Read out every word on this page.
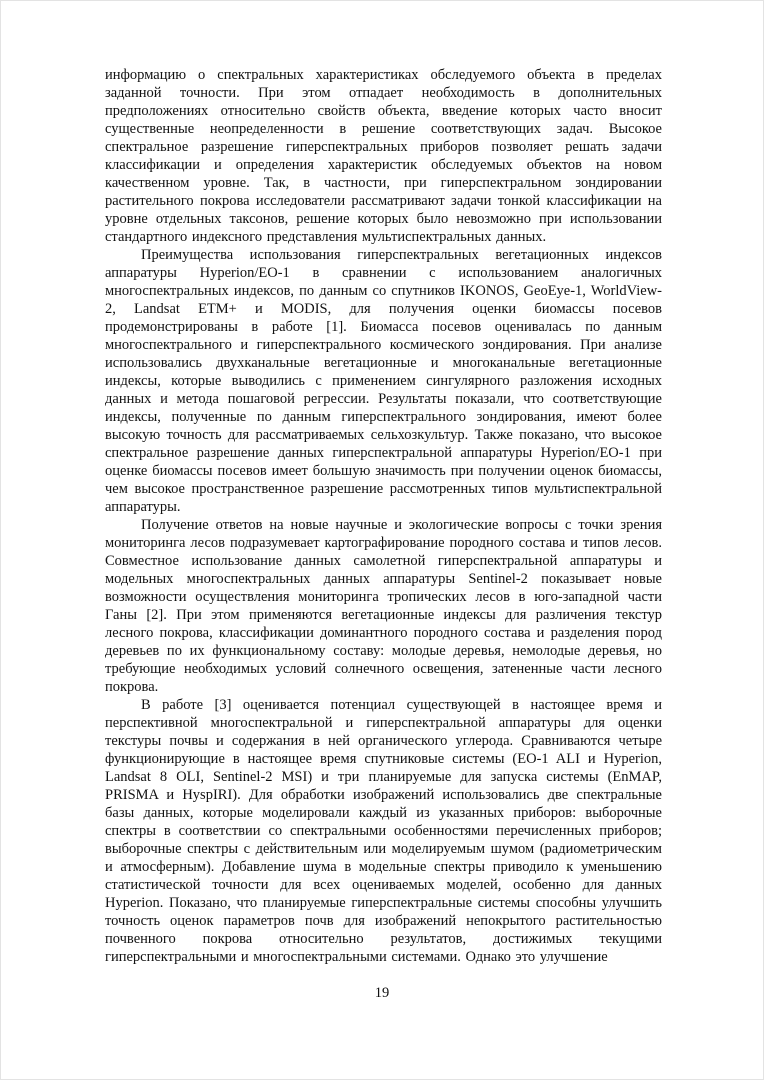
информацию о спектральных характеристиках обследуемого объекта в пределах заданной точности. При этом отпадает необходимость в дополнительных предположениях относительно свойств объекта, введение которых часто вносит существенные неопределенности в решение соответствующих задач. Высокое спектральное разрешение гиперспектральных приборов позволяет решать задачи классификации и определения характеристик обследуемых объектов на новом качественном уровне. Так, в частности, при гиперспектральном зондировании растительного покрова исследователи рассматривают задачи тонкой классификации на уровне отдельных таксонов, решение которых было невозможно при использовании стандартного индексного представления мультиспектральных данных.

Преимущества использования гиперспектральных вегетационных индексов аппаратуры Hyperion/EO-1 в сравнении с использованием аналогичных многоспектральных индексов, по данным со спутников IKONOS, GeoEye-1, WorldView-2, Landsat ETM+ и MODIS, для получения оценки биомассы посевов продемонстрированы в работе [1]. Биомасса посевов оценивалась по данным многоспектрального и гиперспектрального космического зондирования. При анализе использовались двухканальные вегетационные и многоканальные вегетационные индексы, которые выводились с применением сингулярного разложения исходных данных и метода пошаговой регрессии. Результаты показали, что соответствующие индексы, полученные по данным гиперспектрального зондирования, имеют более высокую точность для рассматриваемых сельхозкультур. Также показано, что высокое спектральное разрешение данных гиперспектральной аппаратуры Hyperion/EO-1 при оценке биомассы посевов имеет большую значимость при получении оценок биомассы, чем высокое пространственное разрешение рассмотренных типов мультиспектральной аппаратуры.

Получение ответов на новые научные и экологические вопросы с точки зрения мониторинга лесов подразумевает картографирование породного состава и типов лесов. Совместное использование данных самолетной гиперспектральной аппаратуры и модельных многоспектральных данных аппаратуры Sentinel-2 показывает новые возможности осуществления мониторинга тропических лесов в юго-западной части Ганы [2]. При этом применяются вегетационные индексы для различения текстур лесного покрова, классификации доминантного породного состава и разделения пород деревьев по их функциональному составу: молодые деревья, немолодые деревья, но требующие необходимых условий солнечного освещения, затененные части лесного покрова.

В работе [3] оценивается потенциал существующей в настоящее время и перспективной многоспектральной и гиперспектральной аппаратуры для оценки текстуры почвы и содержания в ней органического углерода. Сравниваются четыре функционирующие в настоящее время спутниковые системы (EO-1 ALI и Hyperion, Landsat 8 OLI, Sentinel-2 MSI) и три планируемые для запуска системы (EnMAP, PRISMA и HyspIRI). Для обработки изображений использовались две спектральные базы данных, которые моделировали каждый из указанных приборов: выборочные спектры в соответствии со спектральными особенностями перечисленных приборов; выборочные спектры с действительным или моделируемым шумом (радиометрическим и атмосферным). Добавление шума в модельные спектры приводило к уменьшению статистической точности для всех оцениваемых моделей, особенно для данных Hyperion. Показано, что планируемые гиперспектральные системы способны улучшить точность оценок параметров почв для изображений непокрытого растительностью почвенного покрова относительно результатов, достижимых текущими гиперспектральными и многоспектральными системами. Однако это улучшение

19
